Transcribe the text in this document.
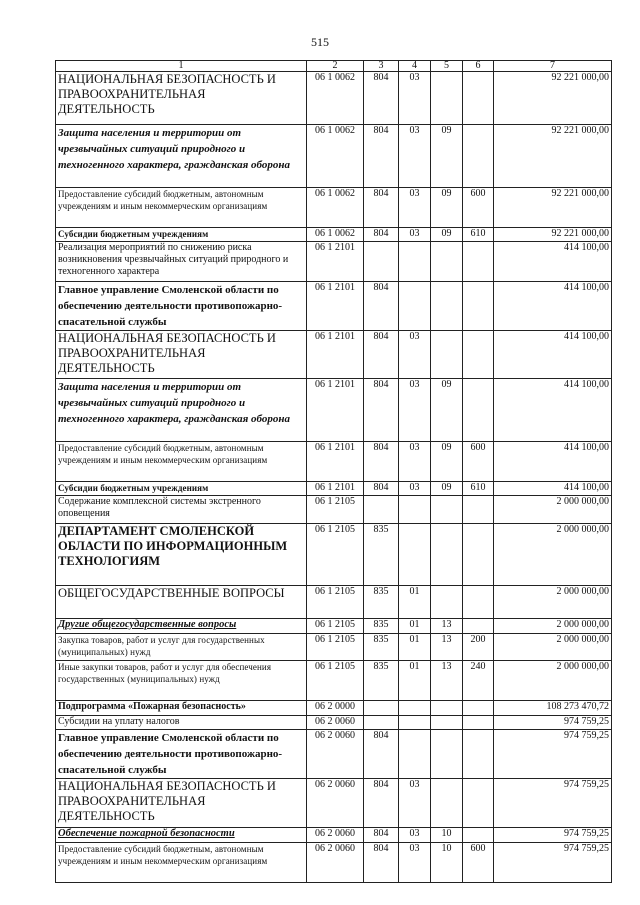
515
1	2	3	4	5	6	7
НАЦИОНАЛЬНАЯ БЕЗОПАСНОСТЬ И ПРАВООХРАНИТЕЛЬНАЯ ДЕЯТЕЛЬНОСТЬ	06 1 0062	804	03			92 221 000,00
Защита населения и территории от чрезвычайных ситуаций природного и техногенного характера, гражданская оборона	06 1 0062	804	03	09		92 221 000,00
Предоставление субсидий бюджетным, автономным учреждениям и иным некоммерческим организациям	06 1 0062	804	03	09	600	92 221 000,00
Субсидии бюджетным учреждениям	06 1 0062	804	03	09	610	92 221 000,00
Реализация мероприятий по снижению риска возникновения чрезвычайных ситуаций природного и техногенного характера	06 1 2101					414 100,00
Главное управление Смоленской области по обеспечению деятельности противопожарно-спасательной службы	06 1 2101	804				414 100,00
НАЦИОНАЛЬНАЯ БЕЗОПАСНОСТЬ И ПРАВООХРАНИТЕЛЬНАЯ ДЕЯТЕЛЬНОСТЬ	06 1 2101	804	03			414 100,00
Защита населения и территории от чрезвычайных ситуаций природного и техногенного характера, гражданская оборона	06 1 2101	804	03	09		414 100,00
Предоставление субсидий бюджетным, автономным учреждениям и иным некоммерческим организациям	06 1 2101	804	03	09	600	414 100,00
Субсидии бюджетным учреждениям	06 1 2101	804	03	09	610	414 100,00
Содержание комплексной системы экстренного оповещения	06 1 2105					2 000 000,00
ДЕПАРТАМЕНТ СМОЛЕНСКОЙ ОБЛАСТИ ПО ИНФОРМАЦИОННЫМ ТЕХНОЛОГИЯМ	06 1 2105	835				2 000 000,00
ОБЩЕГОСУДАРСТВЕННЫЕ ВОПРОСЫ	06 1 2105	835	01			2 000 000,00
Другие общегосударственные вопросы	06 1 2105	835	01	13		2 000 000,00
Закупка товаров, работ и услуг для государственных (муниципальных) нужд	06 1 2105	835	01	13	200	2 000 000,00
Иные закупки товаров, работ и услуг для обеспечения государственных (муниципальных) нужд	06 1 2105	835	01	13	240	2 000 000,00
Подпрограмма «Пожарная безопасность»	06 2 0000					108 273 470,72
Субсидии на уплату налогов	06 2 0060					974 759,25
Главное управление Смоленской области по обеспечению деятельности противопожарно-спасательной службы	06 2 0060	804				974 759,25
НАЦИОНАЛЬНАЯ БЕЗОПАСНОСТЬ И ПРАВООХРАНИТЕЛЬНАЯ ДЕЯТЕЛЬНОСТЬ	06 2 0060	804	03			974 759,25
Обеспечение пожарной безопасности	06 2 0060	804	03	10		974 759,25
Предоставление субсидий бюджетным, автономным учреждениям и иным некоммерческим организациям	06 2 0060	804	03	10	600	974 759,25
